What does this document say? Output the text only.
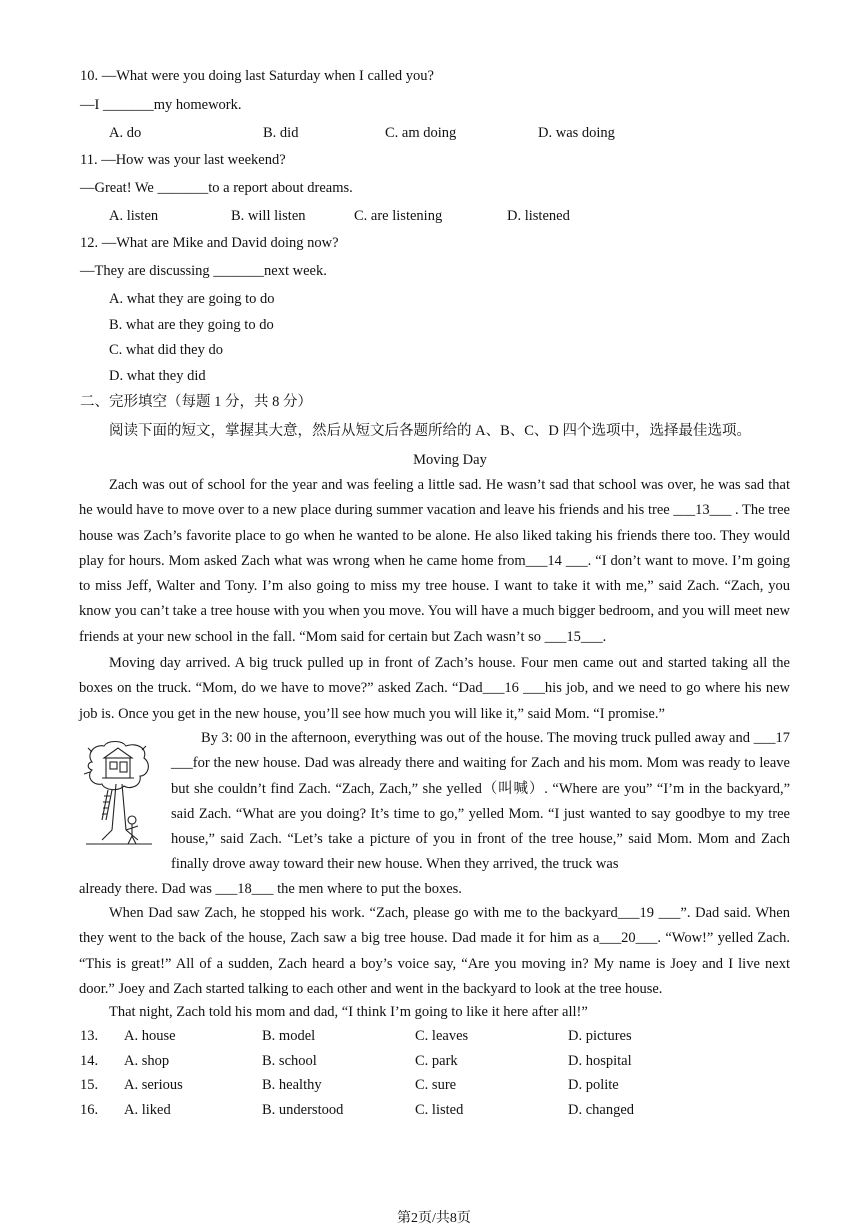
10. —What were you doing last Saturday when I called you?
—I _______my homework.
A. do	B. did	C. am doing	D. was doing
11. —How was your last weekend?
—Great! We _______to a report about dreams.
A. listen	B. will listen	C. are listening	D. listened
12. —What are Mike and David doing now?
—They are discussing _______next week.
A. what they are going to do
B. what are they going to do
C. what did they do
D. what they did
二、完形填空（每题 1 分，共 8 分）
阅读下面的短文，掌握其大意，然后从短文后各题所给的 A、B、C、D 四个选项中，选择最佳选项。
Moving Day

Zach was out of school for the year and was feeling a little sad. He wasn’t sad that school was over, he was sad that he would have to move over to a new place during summer vacation and leave his friends and his tree ___13___ . The tree house was Zach’s favorite place to go when he wanted to be alone. He also liked taking his friends there too. They would play for hours. Mom asked Zach what was wrong when he came home from___14 ___. “I don’t want to move. I’m going to miss Jeff, Walter and Tony. I’m also going to miss my tree house. I want to take it with me,” said Zach. “Zach, you know you can’t take a tree house with you when you move. You will have a much bigger bedroom, and you will meet new friends at your new school in the fall. “Mom said for certain but Zach wasn’t so ___15___.

Moving day arrived. A big truck pulled up in front of Zach’s house. Four men came out and started taking all the boxes on the truck. “Mom, do we have to move?” asked Zach. “Dad___16 ___his job, and we need to go where his new job is. Once you get in the new house, you’ll see how much you will like it,” said Mom. “I promise.”

By 3: 00 in the afternoon, everything was out of the house. The moving truck pulled away and ___17 ___for the new house. Dad was already there and waiting for Zach and his mom. Mom was ready to leave but she couldn’t find Zach. “Zach, Zach,” she yelled（叫喊）. “Where are you” “I’m in the backyard,” said Zach. “What are you doing? It’s time to go,” yelled Mom. “I just wanted to say goodbye to my tree house,” said Zach. “Let’s take a picture of you in front of the tree house,” said Mom. Mom and Zach finally drove away toward their new house. When they arrived, the truck was

already there. Dad was ___18___ the men where to put the boxes.

When Dad saw Zach, he stopped his work. “Zach, please go with me to the backyard___19 ___”. Dad said. When they went to the back of the house, Zach saw a big tree house. Dad made it for him as a___20___. “Wow!” yelled Zach. “This is great!” All of a sudden, Zach heard a boy’s voice say, “Are you moving in? My name is Joey and I live next door.” Joey and Zach started talking to each other and went in the backyard to look at the tree house.

That night, Zach told his mom and dad, “I think I’m going to like it here after all!”

13. A. house	B. model	C. leaves	D. pictures
14. A. shop	B. school	C. park	D. hospital
15. A. serious	B. healthy	C. sure	D. polite
16. A. liked	B. understood	C. listed	D. changed
第2页/共8页
